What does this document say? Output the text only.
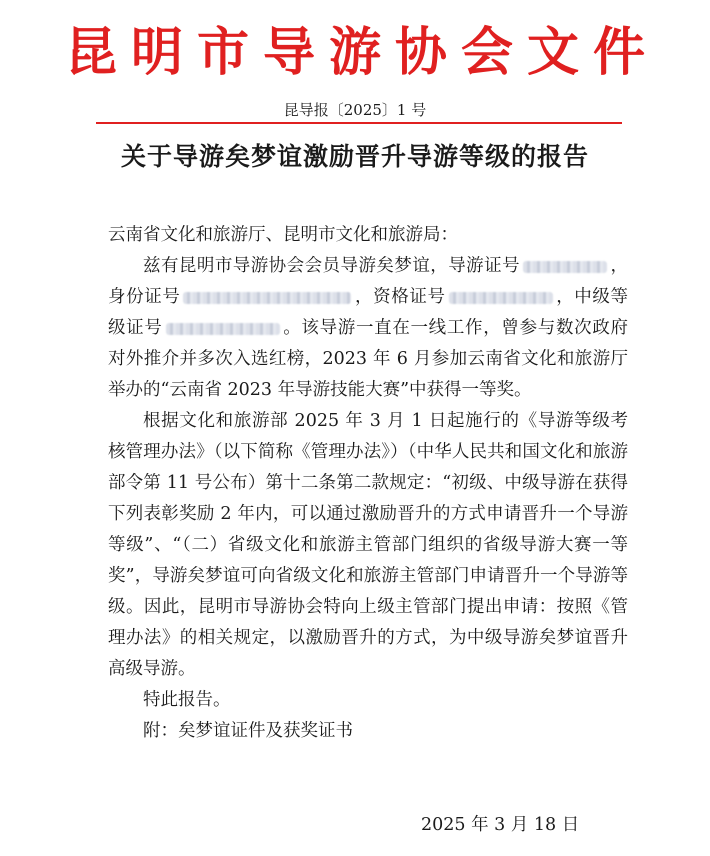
昆明市导游协会文件
昆导报〔2025〕1 号
关于导游矣梦谊激励晋升导游等级的报告

云南省文化和旅游厅、昆明市文化和旅游局：

兹有昆明市导游协会会员导游矣梦谊，导游证号	，身份证号	，资格证号	，中级等级证号	。该导游一直在一线工作，曾参与数次政府对外推介并多次入选红榜，2023 年 6 月参加云南省文化和旅游厅举办的“云南省 2023 年导游技能大赛”中获得一等奖。

根据文化和旅游部 2025 年 3 月 1 日起施行的《导游等级考核管理办法》（以下简称《管理办法》）（中华人民共和国文化和旅游部令第 11 号公布）第十二条第二款规定：“初级、中级导游在获得下列表彰奖励 2 年内，可以通过激励晋升的方式申请晋升一个导游等级”、“（二）省级文化和旅游主管部门组织的省级导游大赛一等奖”，导游矣梦谊可向省级文化和旅游主管部门申请晋升一个导游等级。因此，昆明市导游协会特向上级主管部门提出申请：按照《管理办法》的相关规定，以激励晋升的方式，为中级导游矣梦谊晋升高级导游。

特此报告。

附：矣梦谊证件及获奖证书

2025 年 3 月 18 日
